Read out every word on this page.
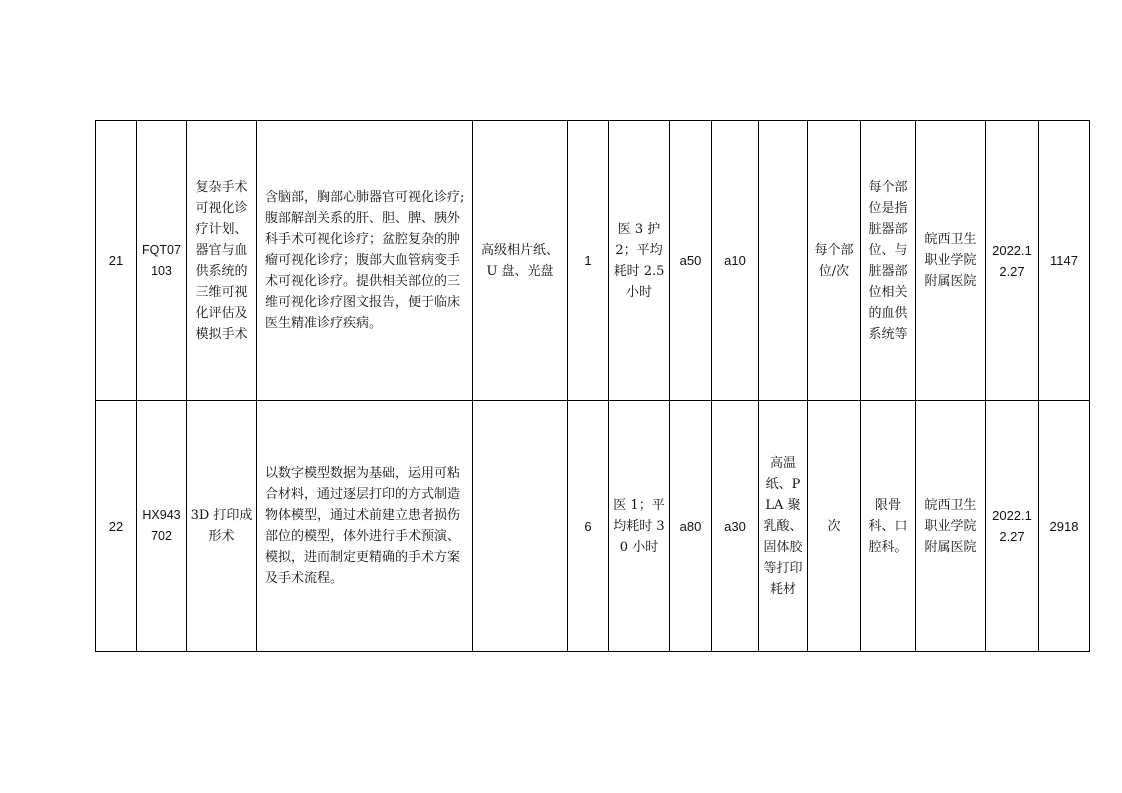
21	FQT07103	复杂手术可视化诊疗计划、器官与血供系统的三维可视化评估及模拟手术	含脑部，胸部心肺器官可视化诊疗;腹部解剖关系的肝、胆、脾、胰外科手术可视化诊疗；盆腔复杂的肿瘤可视化诊疗；腹部大血管病变手术可视化诊疗。提供相关部位的三维可视化诊疗图文报告，便于临床医生精准诊疗疾病。	高级相片纸、U 盘、光盘	1	医 3 护 2；平均耗时 2.5 小时	a50	a10		每个部位/次	每个部位是指脏器部位、与脏器部位相关的血供系统等	皖西卫生职业学院附属医院	2022.12.27	1147
22	HX943702	3D 打印成形术	以数字模型数据为基础，运用可粘合材料，通过逐层打印的方式制造物体模型，通过术前建立患者损伤部位的模型，体外进行手术预演、模拟，进而制定更精确的手术方案及手术流程。		6	医 1；平均耗时 30 小时	a80	a30	高温纸、PLA 聚乳酸、固体胶等打印耗材	次	限骨科、口腔科。	皖西卫生职业学院附属医院	2022.12.27	2918
